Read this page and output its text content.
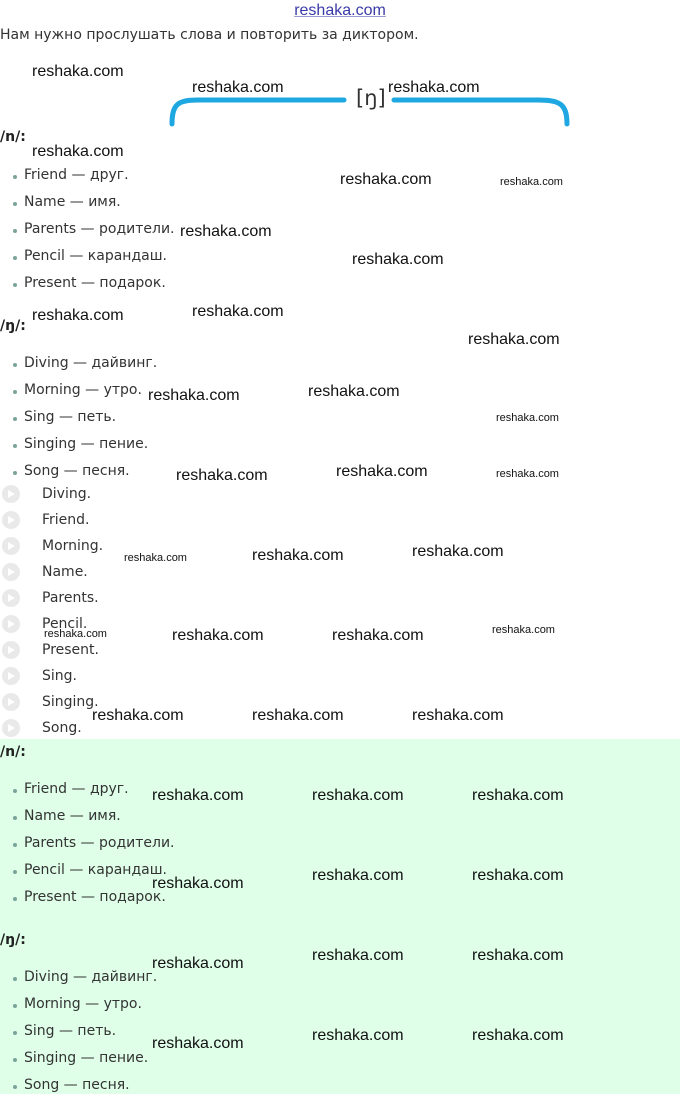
reshaka.com
Нам нужно прослушать слова и повторить за диктором.
[ŋ]
/n/:
Friend — друг.
Name — имя.
Parents — родители.
Pencil — карандаш.
Present — подарок.
/ŋ/:
Diving — дайвинг.
Morning — утро.
Sing — петь.
Singing — пение.
Song — песня.
Diving.
Friend.
Morning.
Name.
Parents.
Pencil.
Present.
Sing.
Singing.
Song.
/n/:
Friend — друг.
Name — имя.
Parents — родители.
Pencil — карандаш.
Present — подарок.
/ŋ/:
Diving — дайвинг.
Morning — утро.
Sing — петь.
Singing — пение.
Song — песня.
reshaka.com
reshaka.com	reshaka.com
reshaka.com
reshaka.com	reshaka.com
reshaka.com
reshaka.com
reshaka.com	reshaka.com
reshaka.com
reshaka.com	reshaka.com
reshaka.com
reshaka.com	reshaka.com	reshaka.com
reshaka.com	reshaka.com	reshaka.com
reshaka.com	reshaka.com	reshaka.com	reshaka.com
reshaka.com	reshaka.com	reshaka.com
reshaka.com	reshaka.com	reshaka.com
reshaka.com	reshaka.com	reshaka.com
reshaka.com	reshaka.com	reshaka.com
reshaka.com	reshaka.com	reshaka.com
